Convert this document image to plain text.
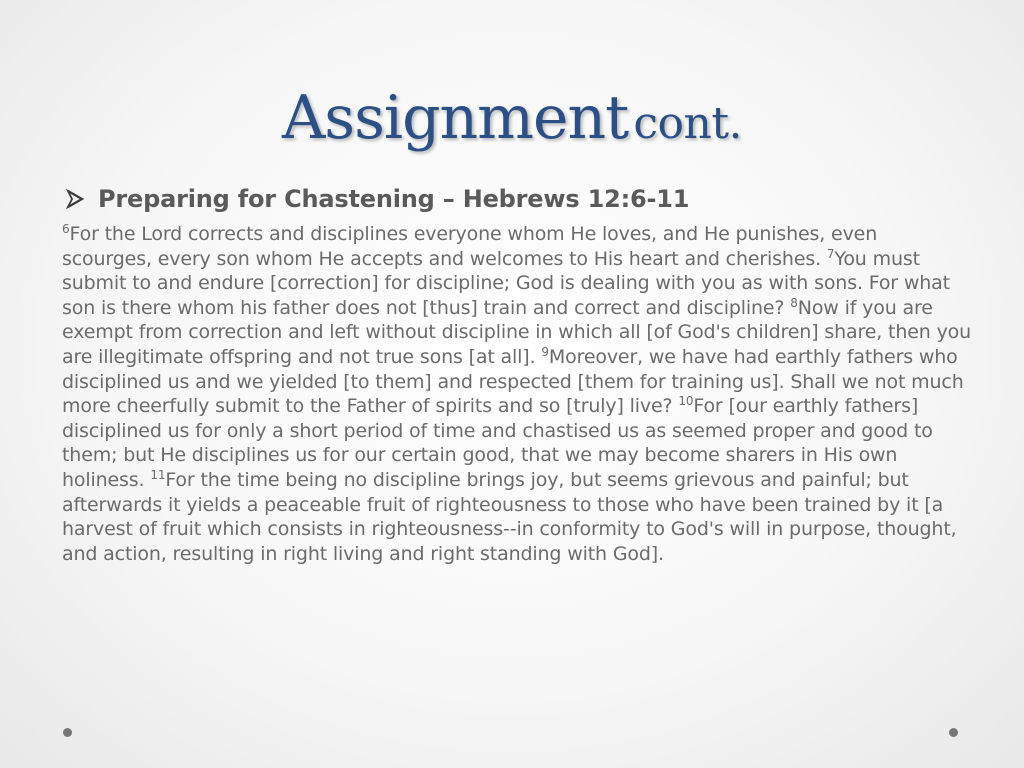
Assignment cont.
Preparing for Chastening – Hebrews 12:6-11
$^6$For the Lord corrects and disciplines everyone whom He loves, and He punishes, even scourges, every son whom He accepts and welcomes to His heart and cherishes. $^7$You must submit to and endure [correction] for discipline; God is dealing with you as with sons. For what son is there whom his father does not [thus] train and correct and discipline? $^8$Now if you are exempt from correction and left without discipline in which all [of God's children] share, then you are illegitimate offspring and not true sons [at all]. $^9$Moreover, we have had earthly fathers who disciplined us and we yielded [to them] and respected [them for training us]. Shall we not much more cheerfully submit to the Father of spirits and so [truly] live? $^{10}$For [our earthly fathers] disciplined us for only a short period of time and chastised us as seemed proper and good to them; but He disciplines us for our certain good, that we may become sharers in His own holiness. $^{11}$For the time being no discipline brings joy, but seems grievous and painful; but afterwards it yields a peaceable fruit of righteousness to those who have been trained by it [a harvest of fruit which consists in righteousness--in conformity to God's will in purpose, thought, and action, resulting in right living and right standing with God].
